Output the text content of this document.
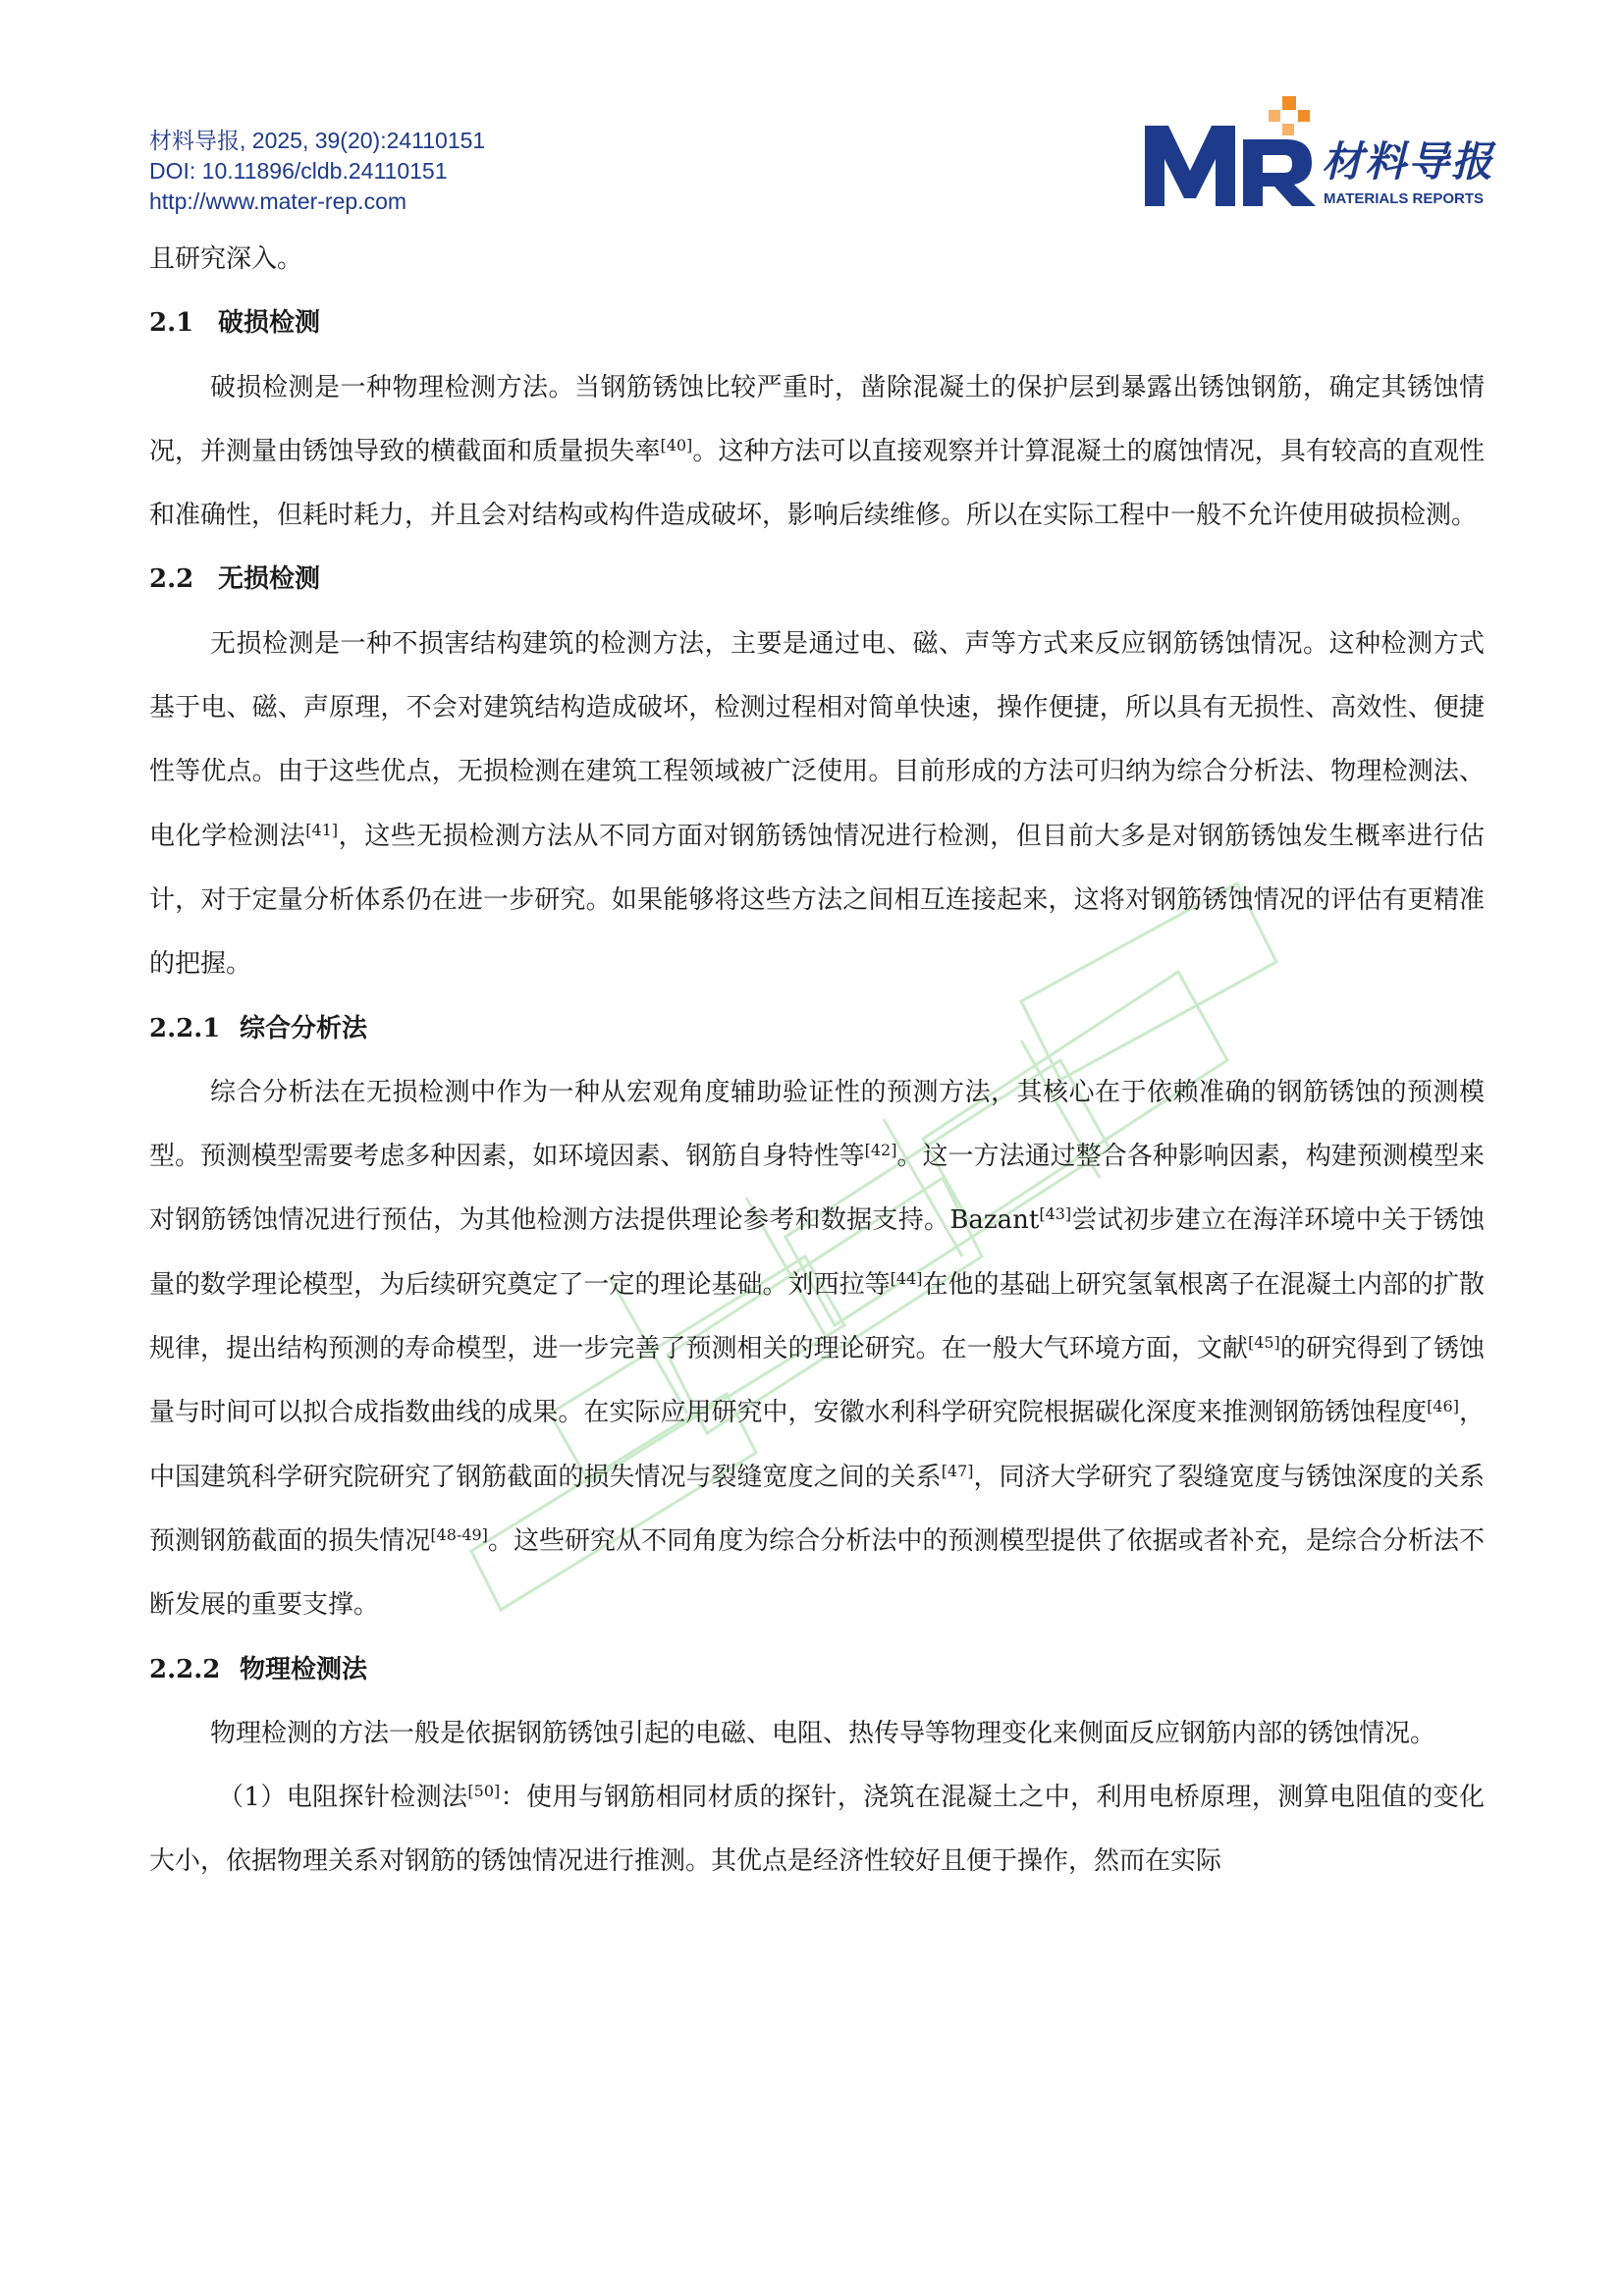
材料导报, 2025, 39(20):24110151
DOI: 10.11896/cldb.24110151
http://www.mater-rep.com
材料导报
MATERIALS REPORTS

且研究深入。

2.1 破损检测

破损检测是一种物理检测方法。当钢筋锈蚀比较严重时，凿除混凝土的保护层到暴露出锈蚀钢筋，确定其锈蚀情况，并测量由锈蚀导致的横截面和质量损失率[40]。这种方法可以直接观察并计算混凝土的腐蚀情况，具有较高的直观性和准确性，但耗时耗力，并且会对结构或构件造成破坏，影响后续维修。所以在实际工程中一般不允许使用破损检测。

2.2 无损检测

无损检测是一种不损害结构建筑的检测方法，主要是通过电、磁、声等方式来反应钢筋锈蚀情况。这种检测方式基于电、磁、声原理，不会对建筑结构造成破坏，检测过程相对简单快速，操作便捷，所以具有无损性、高效性、便捷性等优点。由于这些优点，无损检测在建筑工程领域被广泛使用。目前形成的方法可归纳为综合分析法、物理检测法、电化学检测法[41]，这些无损检测方法从不同方面对钢筋锈蚀情况进行检测，但目前大多是对钢筋锈蚀发生概率进行估计，对于定量分析体系仍在进一步研究。如果能够将这些方法之间相互连接起来，这将对钢筋锈蚀情况的评估有更精准的把握。

2.2.1 综合分析法

综合分析法在无损检测中作为一种从宏观角度辅助验证性的预测方法，其核心在于依赖准确的钢筋锈蚀的预测模型。预测模型需要考虑多种因素，如环境因素、钢筋自身特性等[42]。这一方法通过整合各种影响因素，构建预测模型来对钢筋锈蚀情况进行预估，为其他检测方法提供理论参考和数据支持。Bazant[43]尝试初步建立在海洋环境中关于锈蚀量的数学理论模型，为后续研究奠定了一定的理论基础。刘西拉等[44]在他的基础上研究氢氧根离子在混凝土内部的扩散规律，提出结构预测的寿命模型，进一步完善了预测相关的理论研究。在一般大气环境方面，文献[45]的研究得到了锈蚀量与时间可以拟合成指数曲线的成果。在实际应用研究中，安徽水利科学研究院根据碳化深度来推测钢筋锈蚀程度[46]，中国建筑科学研究院研究了钢筋截面的损失情况与裂缝宽度之间的关系[47]，同济大学研究了裂缝宽度与锈蚀深度的关系预测钢筋截面的损失情况[48-49]。这些研究从不同角度为综合分析法中的预测模型提供了依据或者补充，是综合分析法不断发展的重要支撑。

2.2.2 物理检测法

物理检测的方法一般是依据钢筋锈蚀引起的电磁、电阻、热传导等物理变化来侧面反应钢筋内部的锈蚀情况。

（1）电阻探针检测法[50]：使用与钢筋相同材质的探针，浇筑在混凝土之中，利用电桥原理，测算电阻值的变化大小，依据物理关系对钢筋的锈蚀情况进行推测。其优点是经济性较好且便于操作，然而在实际
